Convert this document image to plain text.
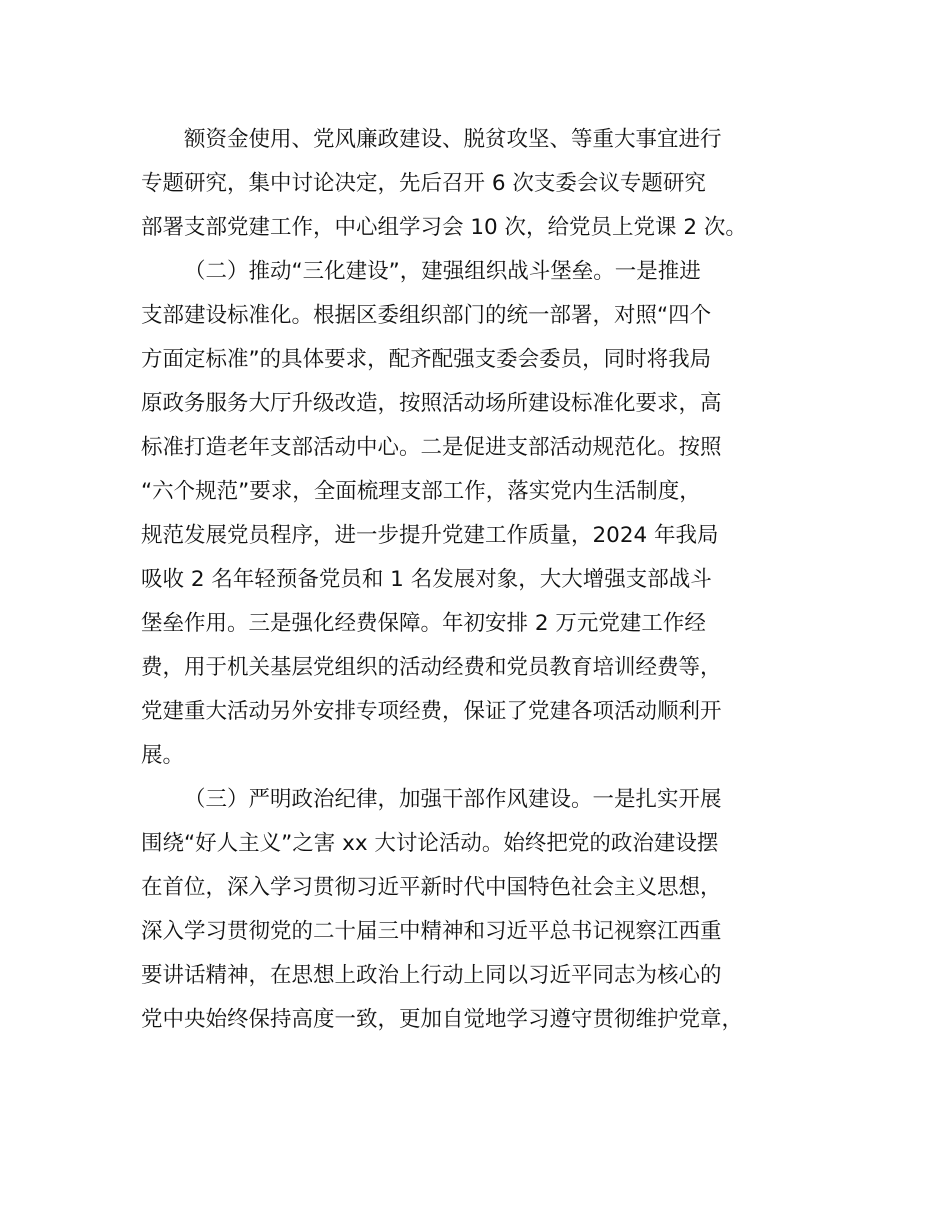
额资金使用、党风廉政建设、脱贫攻坚、等重大事宜进行
专题研究，集中讨论决定，先后召开 6 次支委会议专题研究
部署支部党建工作，中心组学习会 10 次，给党员上党课 2 次。
（二）推动“三化建设”，建强组织战斗堡垒。一是推进
支部建设标准化。根据区委组织部门的统一部署，对照“四个
方面定标准”的具体要求，配齐配强支委会委员，同时将我局
原政务服务大厅升级改造，按照活动场所建设标准化要求，高
标准打造老年支部活动中心。二是促进支部活动规范化。按照
“六个规范”要求，全面梳理支部工作，落实党内生活制度，
规范发展党员程序，进一步提升党建工作质量，2024 年我局
吸收 2 名年轻预备党员和 1 名发展对象，大大增强支部战斗
堡垒作用。三是强化经费保障。年初安排 2 万元党建工作经
费，用于机关基层党组织的活动经费和党员教育培训经费等，
党建重大活动另外安排专项经费，保证了党建各项活动顺利开
展。
（三）严明政治纪律，加强干部作风建设。一是扎实开展
围绕“好人主义”之害 xx 大讨论活动。始终把党的政治建设摆
在首位，深入学习贯彻习近平新时代中国特色社会主义思想，
深入学习贯彻党的二十届三中精神和习近平总书记视察江西重
要讲话精神，在思想上政治上行动上同以习近平同志为核心的
党中央始终保持高度一致，更加自觉地学习遵守贯彻维护党章，
